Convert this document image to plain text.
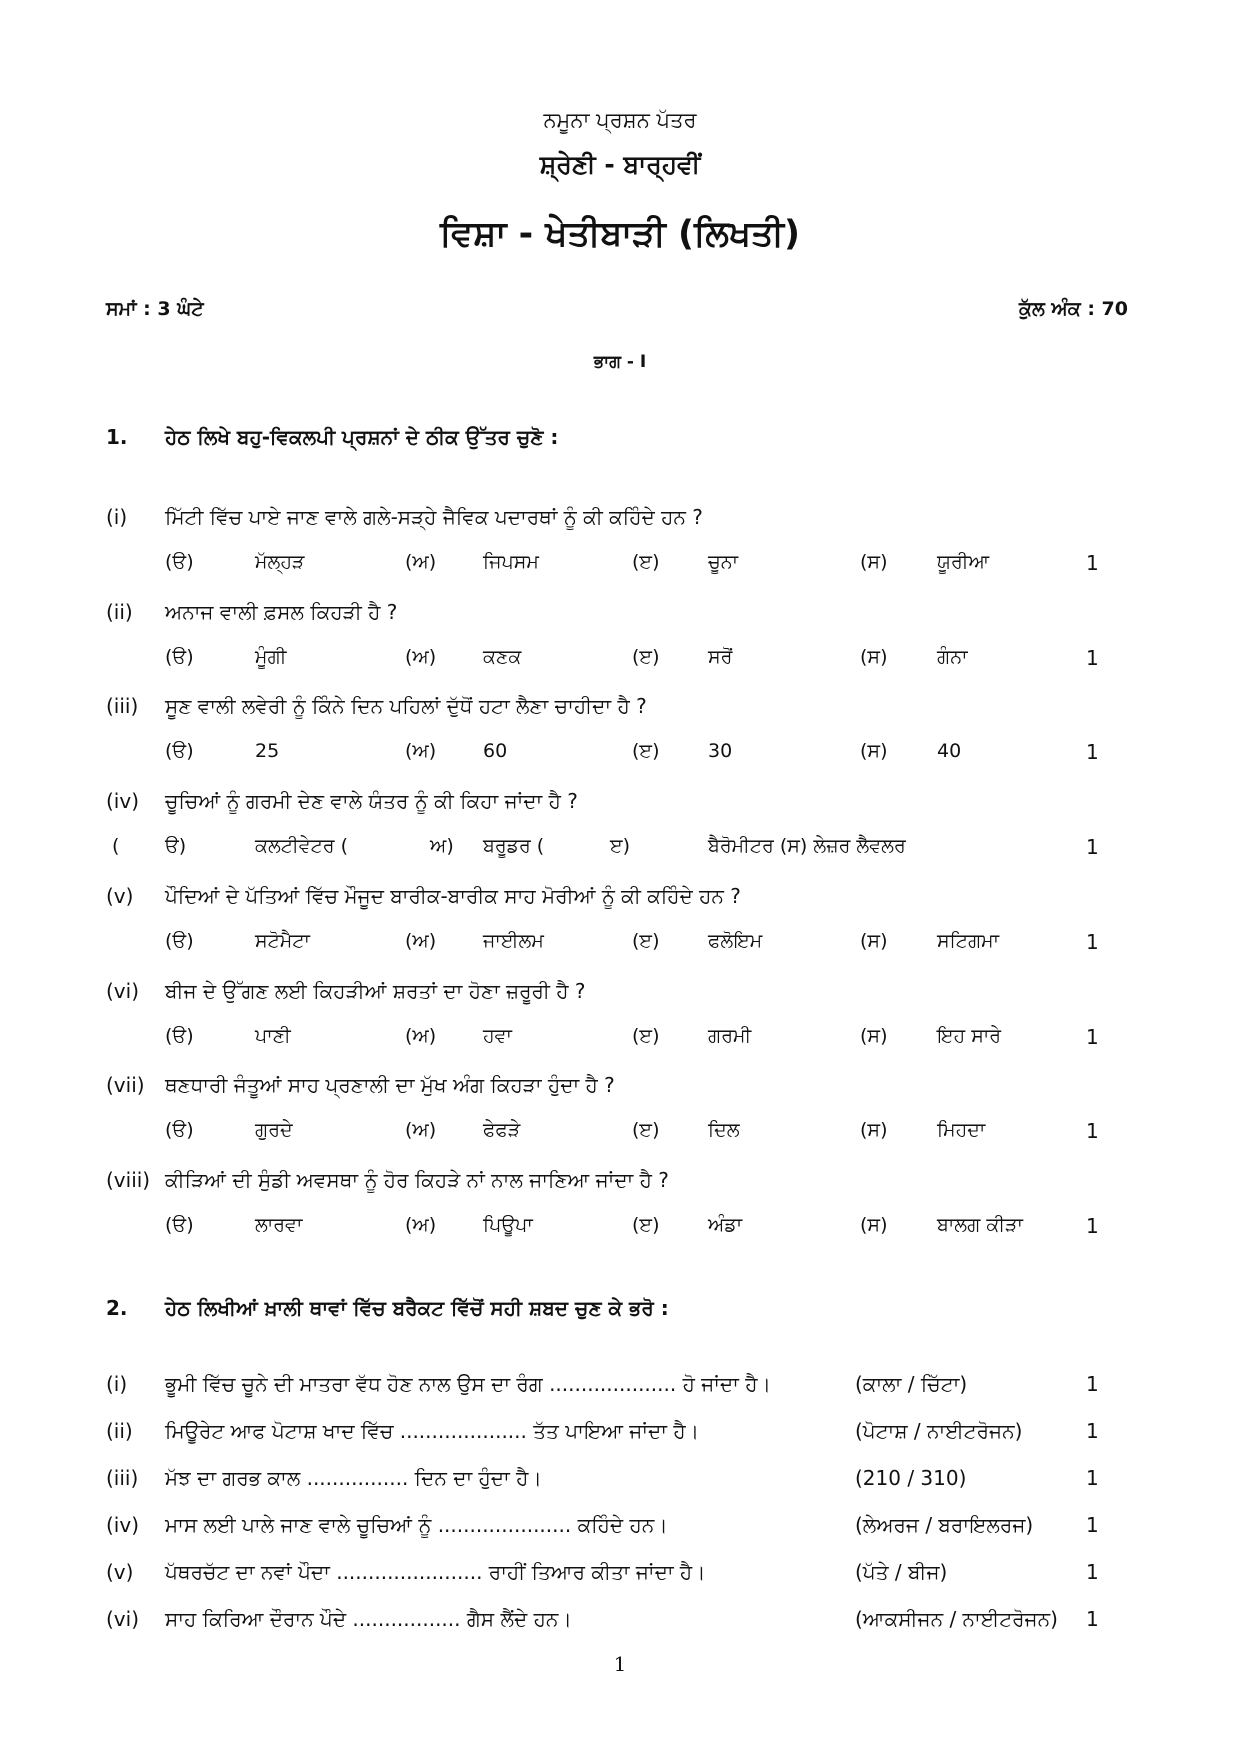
ਨਮੂਨਾ ਪ੍ਰਸ਼ਨ ਪੱਤਰ
ਸ਼੍ਰੇਣੀ - ਬਾਰ੍ਹਵੀਂ
ਵਿਸ਼ਾ - ਖੇਤੀਬਾੜੀ (ਲਿਖਤੀ)
ਸਮਾਂ : 3 ਘੰਟੇ	ਕੁੱਲ ਅੰਕ : 70
ਭਾਗ - I
1. ਹੇਠ ਲਿਖੇ ਬਹੁ-ਵਿਕਲਪੀ ਪ੍ਰਸ਼ਨਾਂ ਦੇ ਠੀਕ ਉੱਤਰ ਚੁਣੋ :
(i) ਮਿੱਟੀ ਵਿੱਚ ਪਾਏ ਜਾਣ ਵਾਲੇ ਗਲੇ-ਸੜ੍ਹੇ ਜੈਵਿਕ ਪਦਾਰਥਾਂ ਨੂੰ ਕੀ ਕਹਿੰਦੇ ਹਨ ?
(ੳ)	ਮੱਲ੍ਹੜ	(ਅ) ਜਿਪਸਮ	(ੲ)	ਚੂਨਾ	(ਸ)	ਯੂਰੀਆ	1
(ii) ਅਨਾਜ ਵਾਲੀ ਫ਼ਸਲ ਕਿਹੜੀ ਹੈ ?
(ੳ)	ਮੂੰਗੀ	(ਅ) ਕਣਕ	(ੲ)	ਸਰੋਂ	(ਸ)	ਗੰਨਾ	1
(iii) ਸੂਣ ਵਾਲੀ ਲਵੇਰੀ ਨੂੰ ਕਿੰਨੇ ਦਿਨ ਪਹਿਲਾਂ ਦੁੱਧੋਂ ਹਟਾ ਲੈਣਾ ਚਾਹੀਦਾ ਹੈ ?
(ੳ)	25	(ਅ) 60	(ੲ)	30	(ਸ)	40	1
(iv) ਚੂਚਿਆਂ ਨੂੰ ਗਰਮੀ ਦੇਣ ਵਾਲੇ ਯੰਤਰ ਨੂੰ ਕੀ ਕਿਹਾ ਜਾਂਦਾ ਹੈ ?
( ੳ)	ਕਲਟੀਵੇਟਰ (	ਅ) ਬਰੂਡਰ (	ੲ)	ਬੈਰੋਮੀਟਰ (ਸ) ਲੇਜ਼ਰ ਲੈਵਲਰ	1
(v) ਪੌਦਿਆਂ ਦੇ ਪੱਤਿਆਂ ਵਿੱਚ ਮੌਜੂਦ ਬਾਰੀਕ-ਬਾਰੀਕ ਸਾਹ ਮੋਰੀਆਂ ਨੂੰ ਕੀ ਕਹਿੰਦੇ ਹਨ ?
(ੳ)	ਸਟੋਮੈਟਾ	(ਅ) ਜਾਈਲਮ	(ੲ)	ਫਲੋਇਮ	(ਸ)	ਸਟਿਗਮਾ	1
(vi) ਬੀਜ ਦੇ ਉੱਗਣ ਲਈ ਕਿਹੜੀਆਂ ਸ਼ਰਤਾਂ ਦਾ ਹੋਣਾ ਜ਼ਰੂਰੀ ਹੈ ?
(ੳ)	ਪਾਣੀ	(ਅ) ਹਵਾ	(ੲ)	ਗਰਮੀ	(ਸ)	ਇਹ ਸਾਰੇ	1
(vii) ਥਣਧਾਰੀ ਜੰਤੂਆਂ ਸਾਹ ਪ੍ਰਣਾਲੀ ਦਾ ਮੁੱਖ ਅੰਗ ਕਿਹੜਾ ਹੁੰਦਾ ਹੈ ?
(ੳ)	ਗੁਰਦੇ	(ਅ) ਫੇਫੜੇ	(ੲ)	ਦਿਲ	(ਸ)	ਮਿਹਦਾ	1
(viii) ਕੀੜਿਆਂ ਦੀ ਸੁੰਡੀ ਅਵਸਥਾ ਨੂੰ ਹੋਰ ਕਿਹੜੇ ਨਾਂ ਨਾਲ ਜਾਣਿਆ ਜਾਂਦਾ ਹੈ ?
(ੳ)	ਲਾਰਵਾ	(ਅ) ਪਿਊਪਾ	(ੲ)	ਅੰਡਾ	(ਸ)	ਬਾਲਗ ਕੀੜਾ	1
2. ਹੇਠ ਲਿਖੀਆਂ ਖ਼ਾਲੀ ਥਾਵਾਂ ਵਿੱਚ ਬਰੈਕਟ ਵਿੱਚੋਂ ਸਹੀ ਸ਼ਬਦ ਚੁਣ ਕੇ ਭਰੋ :
(i) ਭੂਮੀ ਵਿੱਚ ਚੂਨੇ ਦੀ ਮਾਤਰਾ ਵੱਧ ਹੋਣ ਨਾਲ ਉਸ ਦਾ ਰੰਗ .................... ਹੋ ਜਾਂਦਾ ਹੈ।	(ਕਾਲਾ / ਚਿੱਟਾ)	1
(ii) ਮਿਊਰੇਟ ਆਫ ਪੋਟਾਸ਼ ਖਾਦ ਵਿੱਚ .................... ਤੱਤ ਪਾਇਆ ਜਾਂਦਾ ਹੈ।	(ਪੋਟਾਸ਼ / ਨਾਈਟਰੋਜਨ)	1
(iii) ਮੱਝ ਦਾ ਗਰਭ ਕਾਲ ................ ਦਿਨ ਦਾ ਹੁੰਦਾ ਹੈ।	(210 / 310)	1
(iv) ਮਾਸ ਲਈ ਪਾਲੇ ਜਾਣ ਵਾਲੇ ਚੂਚਿਆਂ ਨੂੰ ..................... ਕਹਿੰਦੇ ਹਨ।	(ਲੇਅਰਜ / ਬਰਾਇਲਰਜ)	1
(v) ਪੱਥਰਚੱਟ ਦਾ ਨਵਾਂ ਪੌਦਾ ....................... ਰਾਹੀਂ ਤਿਆਰ ਕੀਤਾ ਜਾਂਦਾ ਹੈ।	(ਪੱਤੇ / ਬੀਜ)	1
(vi) ਸਾਹ ਕਿਰਿਆ ਦੌਰਾਨ ਪੌਦੇ ................. ਗੈਸ ਲੈਂਦੇ ਹਨ।	(ਆਕਸੀਜਨ / ਨਾਈਟਰੋਜਨ) 1
1
